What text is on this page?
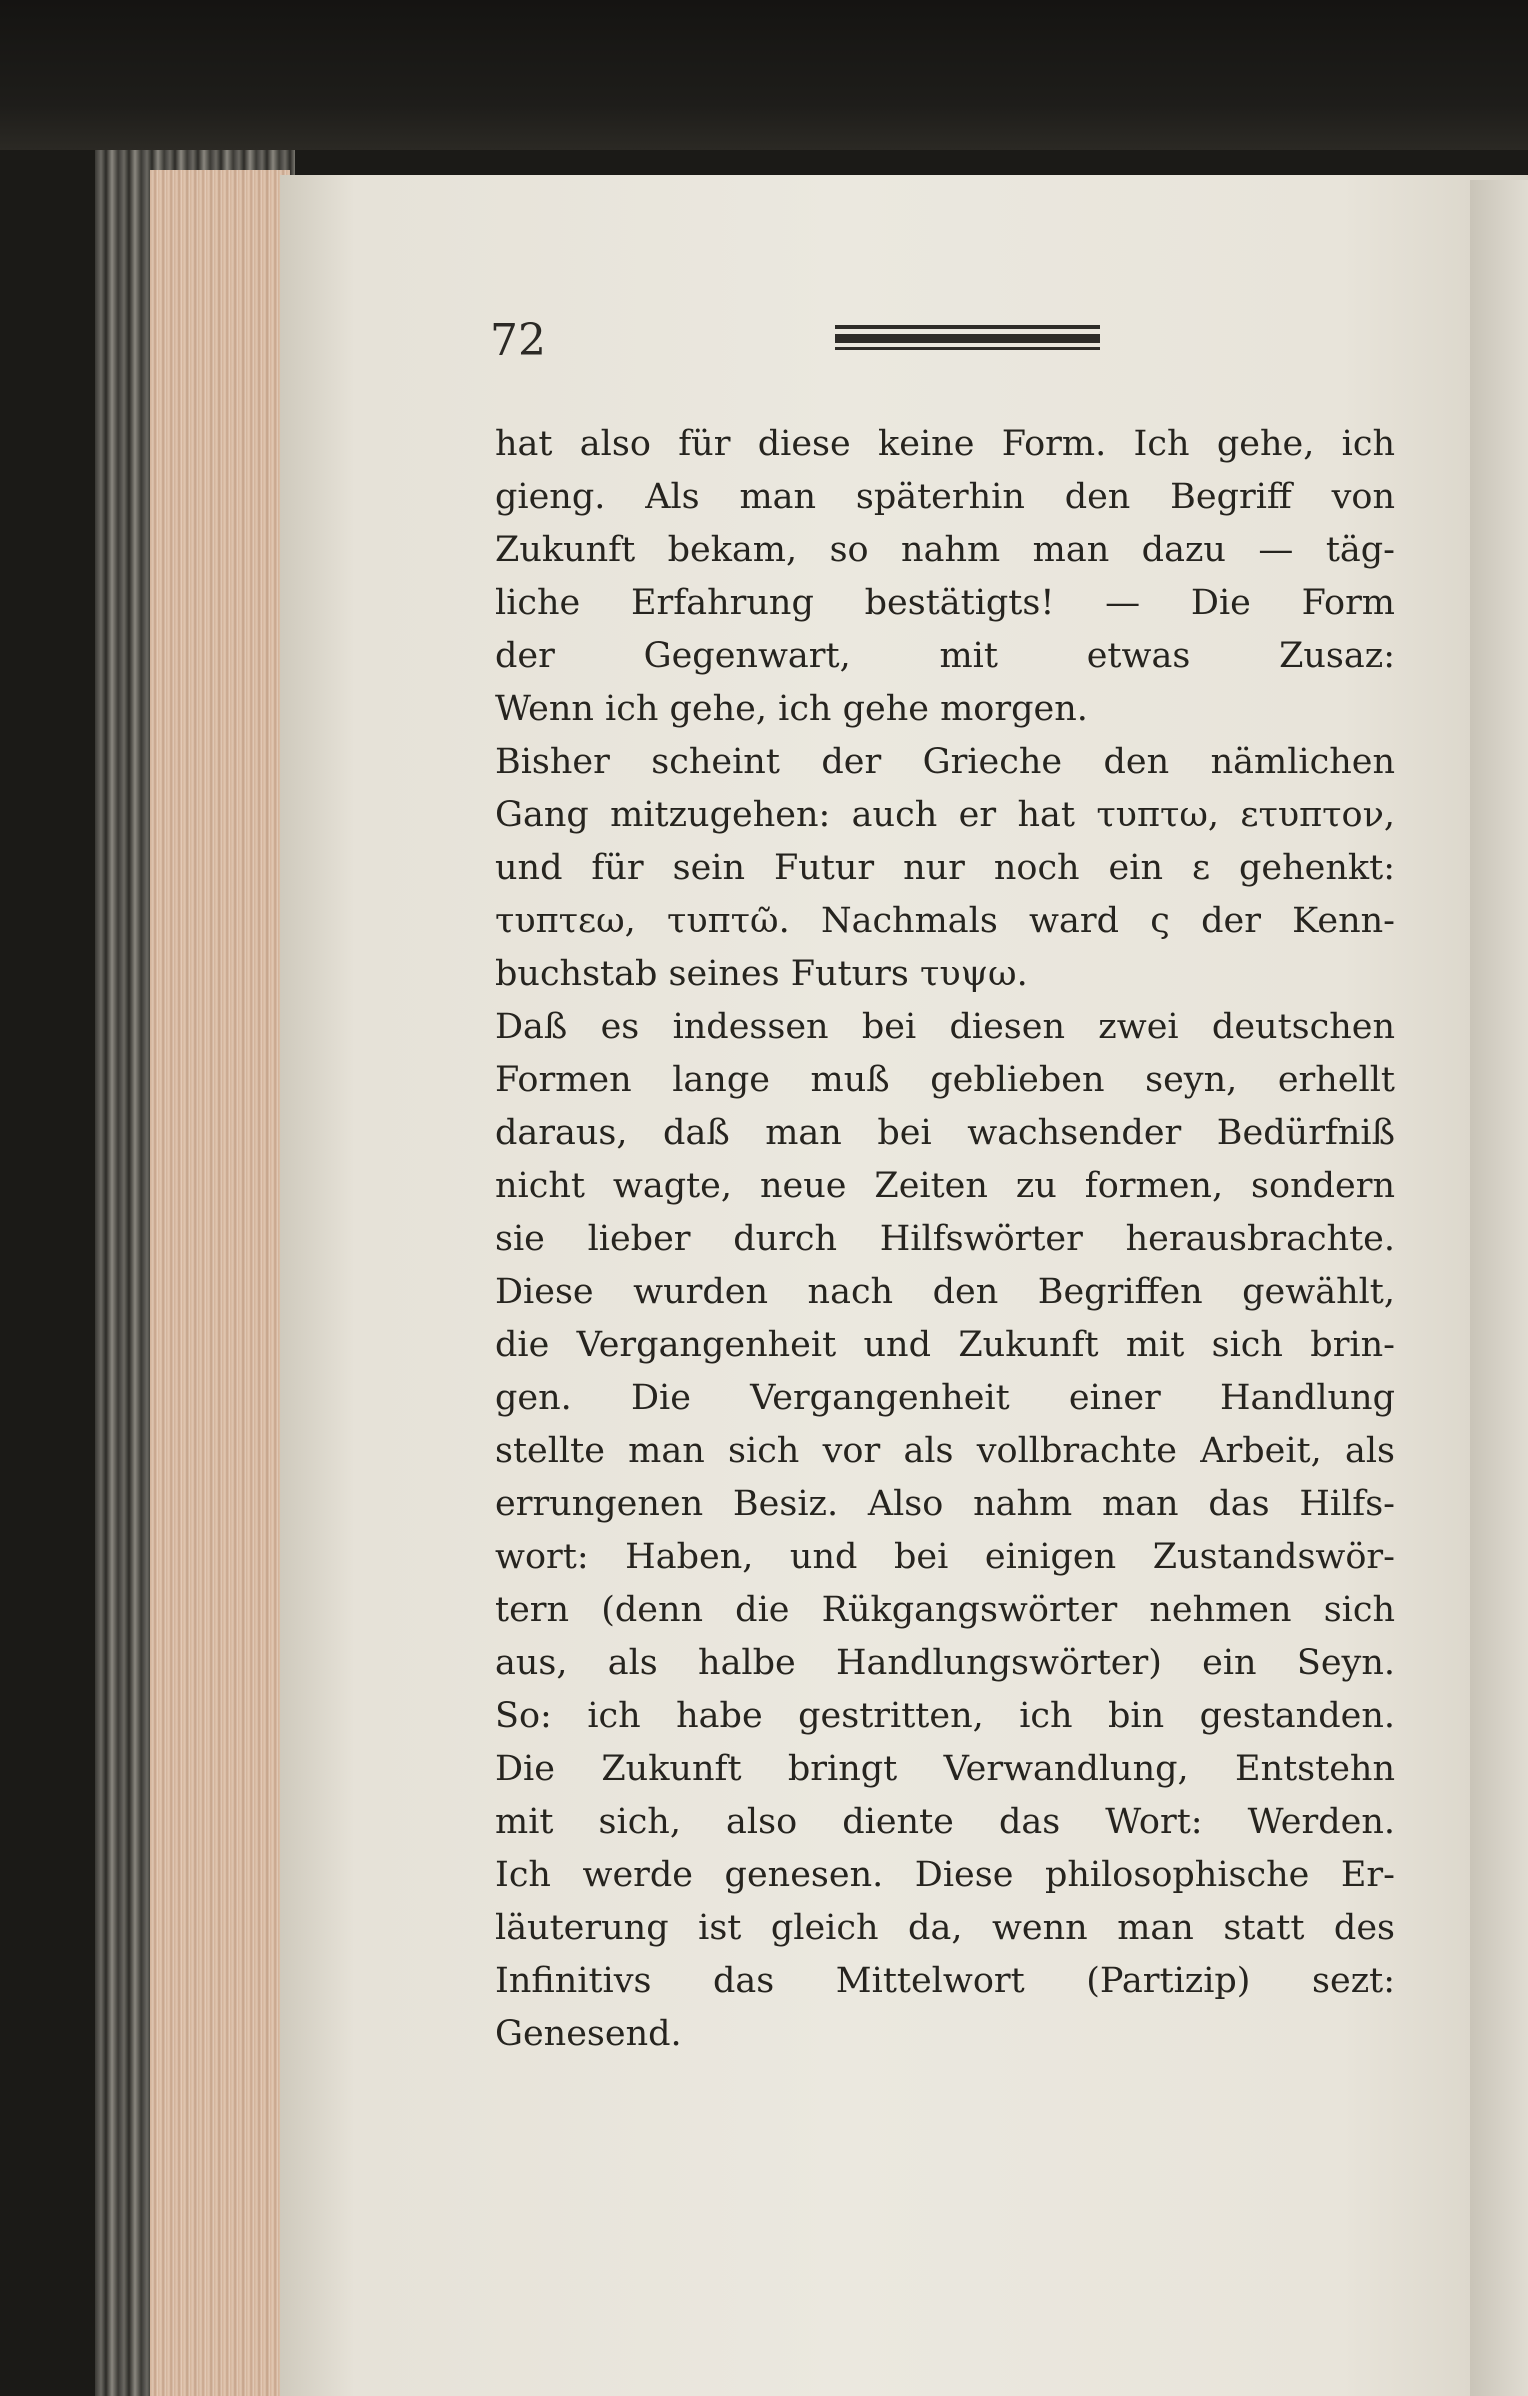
72
hat also für diese keine Form. Ich gehe, ich
gieng. Als man späterhin den Begriff von
Zukunft bekam, so nahm man dazu — täg-
liche Erfahrung bestätigts! — Die Form
der Gegenwart, mit etwas Zusaz:
Wenn ich gehe, ich gehe morgen.
Bisher scheint der Grieche den nämlichen
Gang mitzugehen: auch er hat τυπτω, ετυπτον,
und für sein Futur nur noch ein ε gehenkt:
τυπτεω, τυπτῶ. Nachmals ward ς der Kenn-
buchstab seines Futurs τυψω.
Daß es indessen bei diesen zwei deutschen
Formen lange muß geblieben seyn, erhellt
daraus, daß man bei wachsender Bedürfniß
nicht wagte, neue Zeiten zu formen, sondern
sie lieber durch Hilfswörter herausbrachte.
Diese wurden nach den Begriffen gewählt,
die Vergangenheit und Zukunft mit sich brin-
gen. Die Vergangenheit einer Handlung
stellte man sich vor als vollbrachte Arbeit, als
errungenen Besiz. Also nahm man das Hilfs-
wort: Haben, und bei einigen Zustandswör-
tern (denn die Rükgangswörter nehmen sich
aus, als halbe Handlungswörter) ein Seyn.
So: ich habe gestritten, ich bin gestanden.
Die Zukunft bringt Verwandlung, Entstehn
mit sich, also diente das Wort: Werden.
Ich werde genesen. Diese philosophische Er-
läuterung ist gleich da, wenn man statt des
Infinitivs das Mittelwort (Partizip) sezt:
Genesend.
